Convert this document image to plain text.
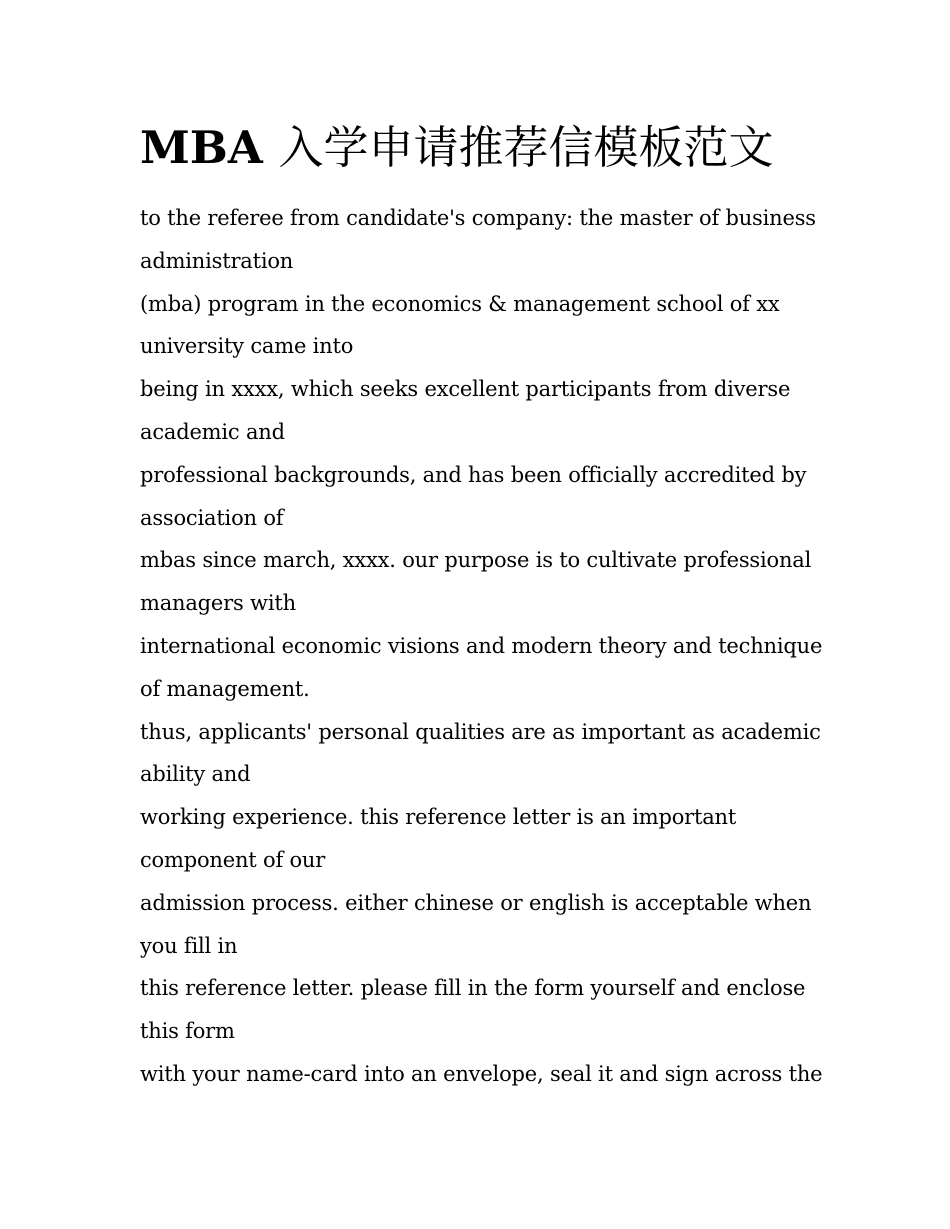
MBA 入学申请推荐信模板范文
to the referee from candidate's company: the master of business
administration
(mba) program in the economics & management school of xx
university came into
being in xxxx, which seeks excellent participants from diverse
academic and
professional backgrounds, and has been officially accredited by
association of
mbas since march, xxxx. our purpose is to cultivate professional
managers with
international economic visions and modern theory and technique
of management.
thus, applicants' personal qualities are as important as academic
ability and
working experience. this reference letter is an important
component of our
admission process. either chinese or english is acceptable when
you fill in
this reference letter. please fill in the form yourself and enclose
this form
with your name-card into an envelope, seal it and sign across the
